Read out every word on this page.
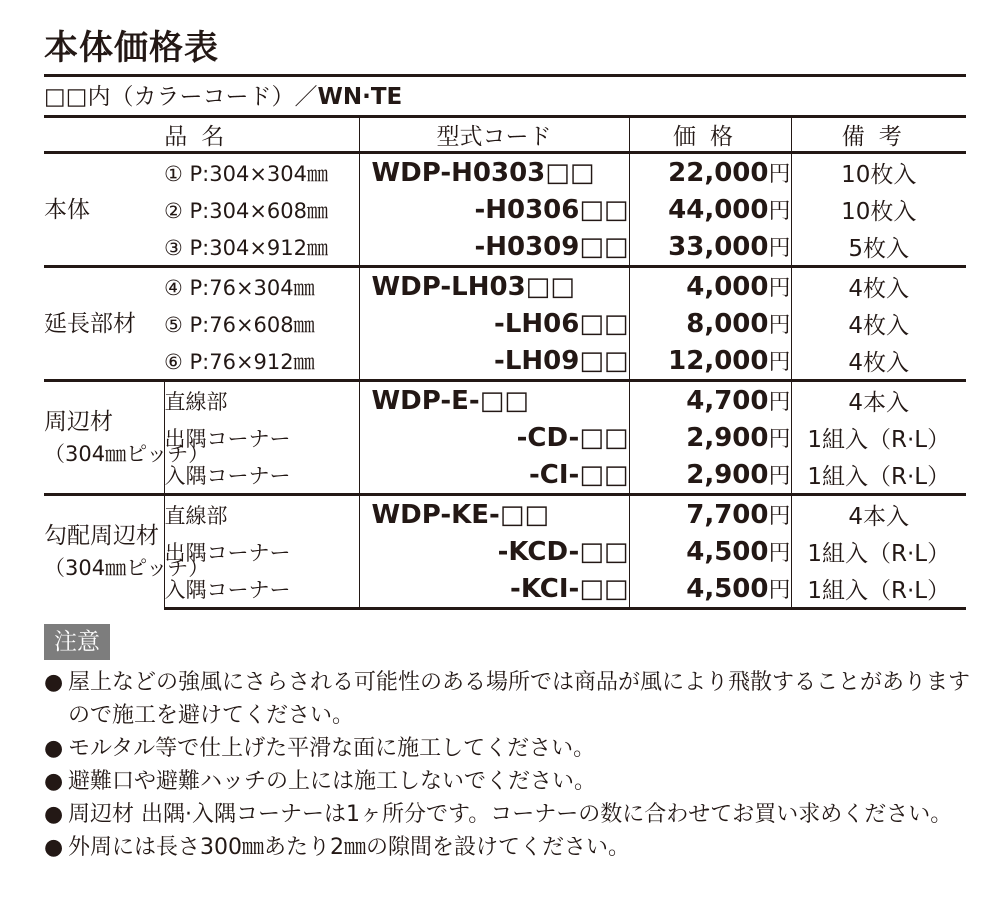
本体価格表
□□内（カラーコード）／WN·TE
品名		型式コード	価格	備考
本体	① P:304×304㎜	WDP-H0303□□	22,000円	10枚入
	② P:304×608㎜	-H0306□□	44,000円	10枚入
	③ P:304×912㎜	-H0309□□	33,000円	5枚入
延長部材	④ P:76×304㎜	WDP-LH03□□	4,000円	4枚入
	⑤ P:76×608㎜	-LH06□□	8,000円	4枚入
	⑥ P:76×912㎜	-LH09□□	12,000円	4枚入
周辺材
（304㎜ピッチ）	直線部	WDP-E-□□	4,700円	4本入
	出隅コーナー	-CD-□□	2,900円	1組入（R·L）
	入隅コーナー	-CI-□□	2,900円	1組入（R·L）
勾配周辺材
（304㎜ピッチ）	直線部	WDP-KE-□□	7,700円	4本入
	出隅コーナー	-KCD-□□	4,500円	1組入（R·L）
	入隅コーナー	-KCI-□□	4,500円	1組入（R·L）
注意
● 屋上などの強風にさらされる可能性のある場所では商品が風により飛散することがありますので施工を避けてください。
● モルタル等で仕上げた平滑な面に施工してください。
● 避難口や避難ハッチの上には施工しないでください。
● 周辺材 出隅·入隅コーナーは1ヶ所分です。コーナーの数に合わせてお買い求めください。
● 外周には長さ300㎜あたり2㎜の隙間を設けてください。
